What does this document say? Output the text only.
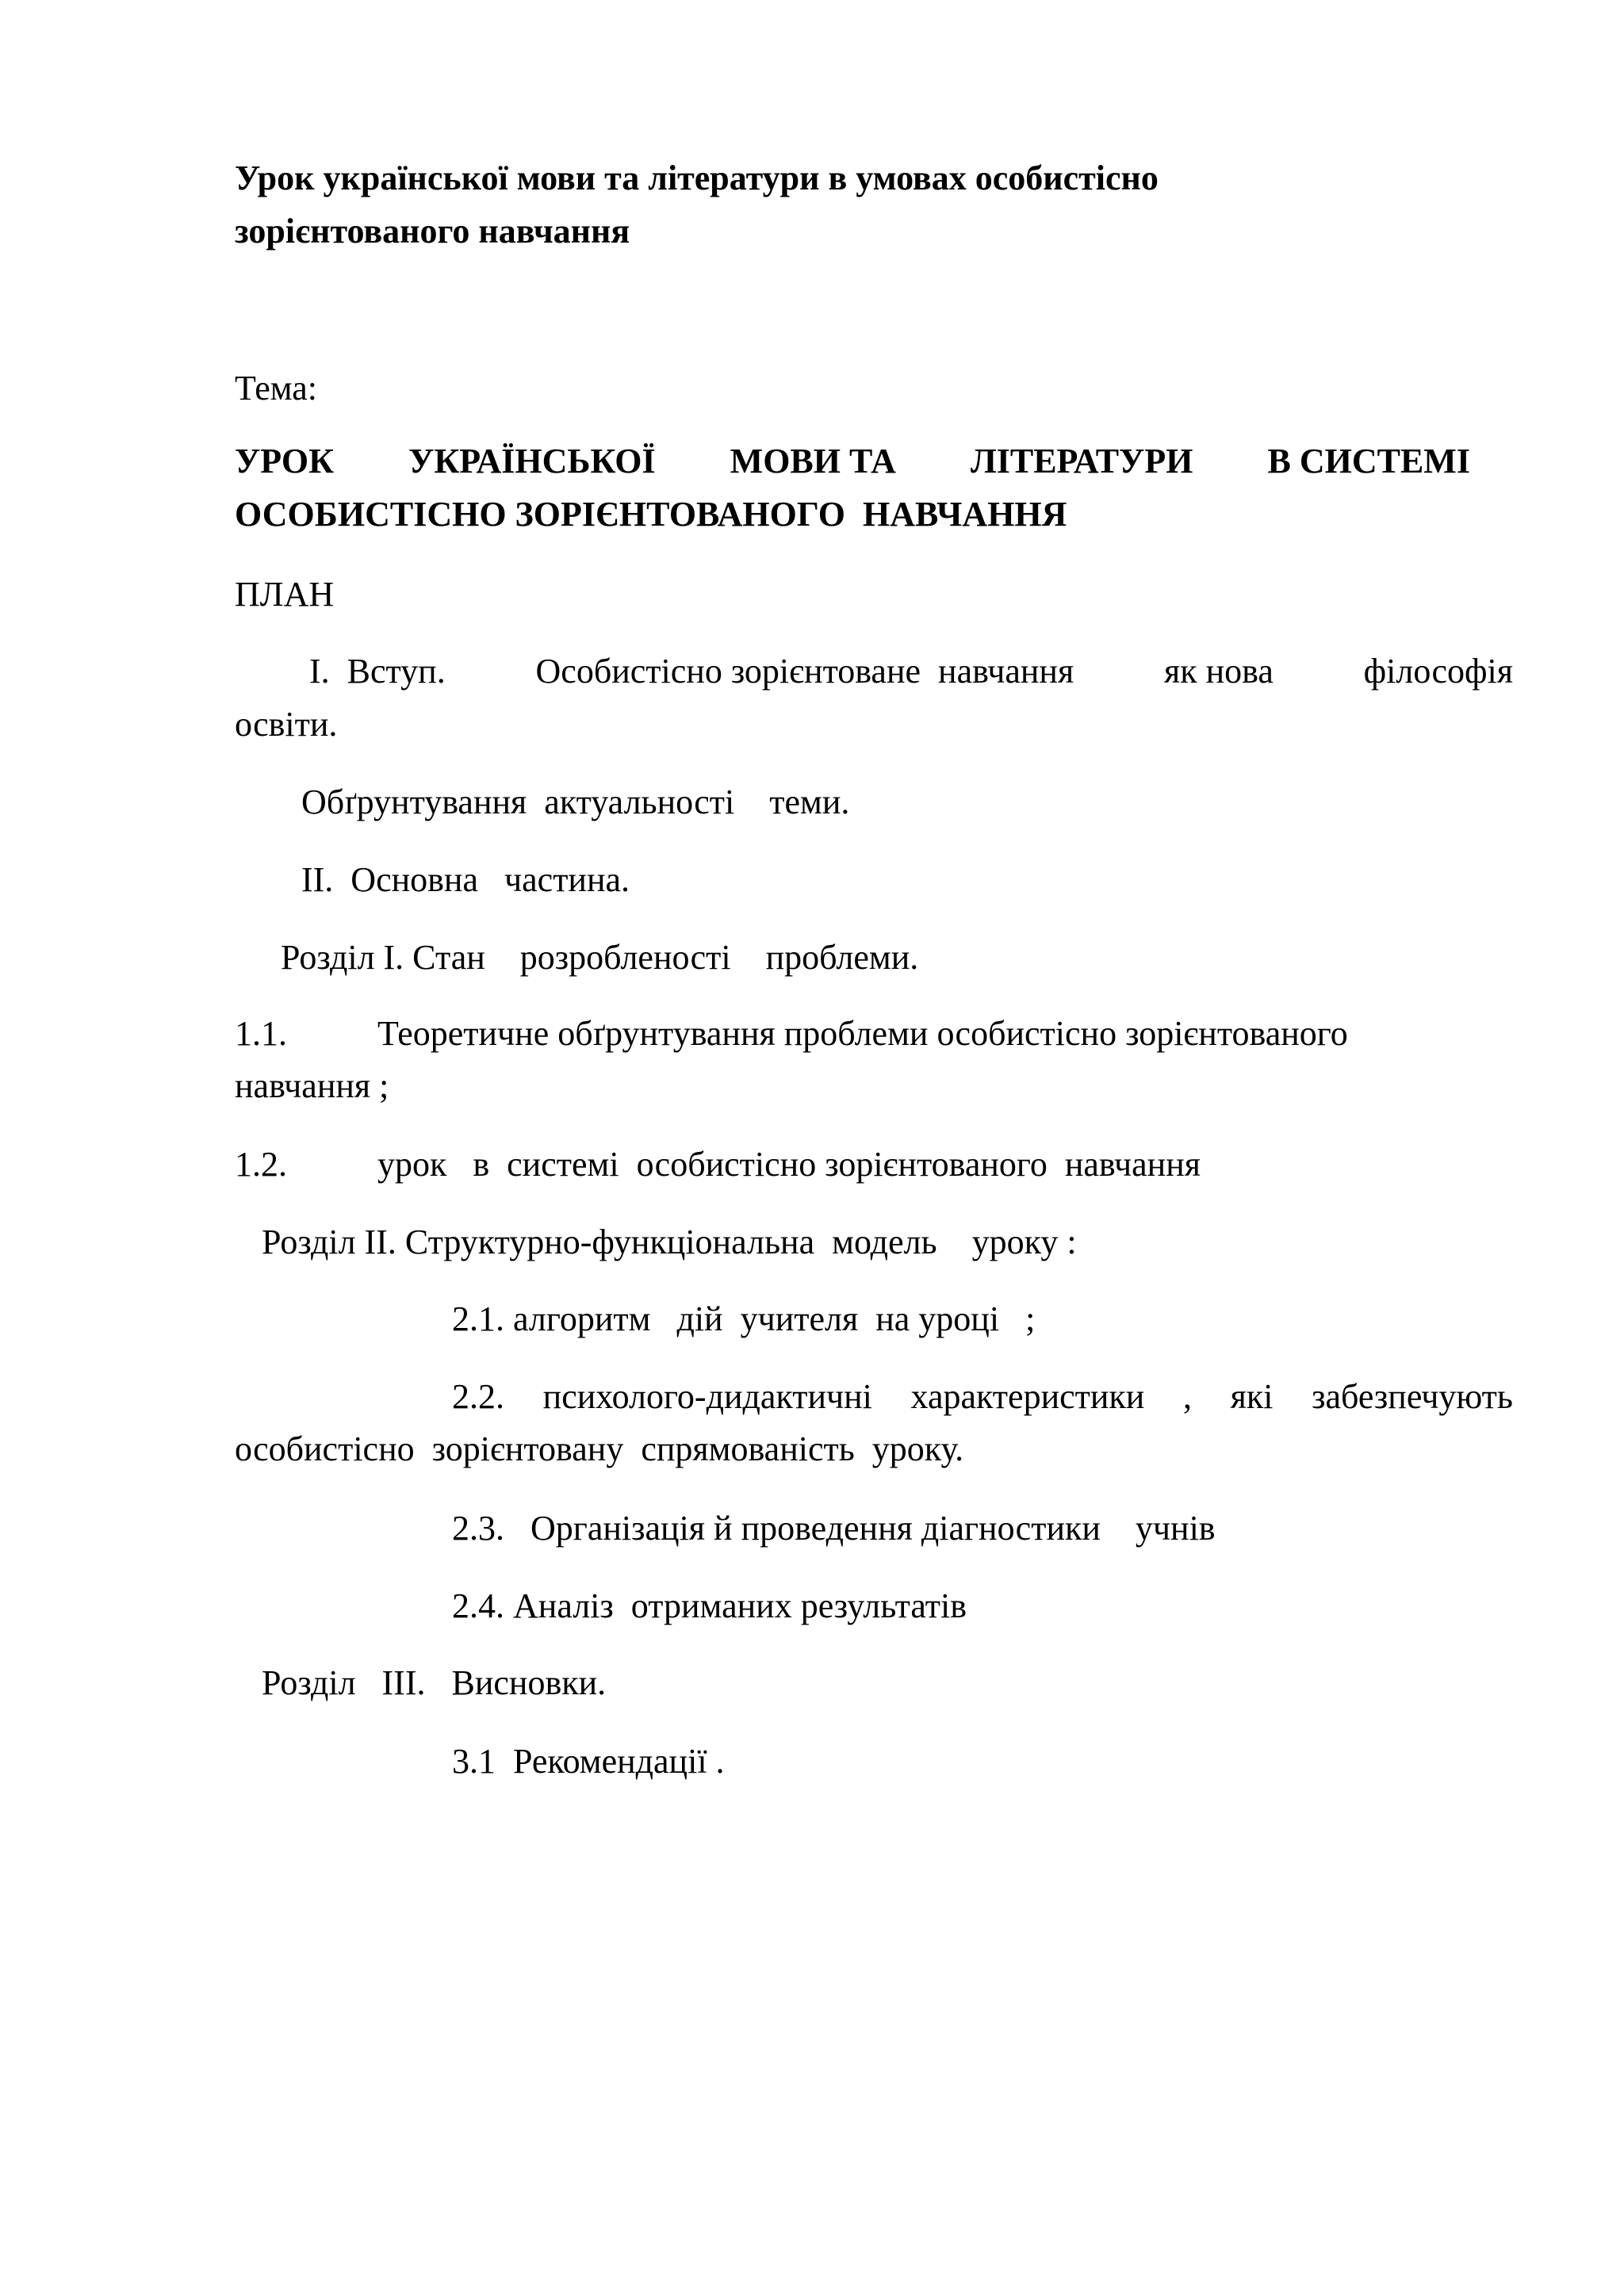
Урок української мови та літератури в умовах особистісно
зорієнтованого навчання
Тема:
УРОК УКРАЇНСЬКОЇ МОВИ ТА ЛІТЕРАТУРИ В СИСТЕМІ
ОСОБИСТІСНО ЗОРІЄНТОВАНОГО  НАВЧАННЯ
ПЛАН
I.  Вступ.	Особистісно зорієнтоване  навчання	як нова	філософія
освіти.
Обґрунтування  актуальності    теми.
II.  Основна   частина.
Розділ І. Стан    розробленості    проблеми.
1.1.	Теоретичне обґрунтування проблеми особистісно зорієнтованого
навчання ;
1.2.	урок   в  системі  особистісно зорієнтованого  навчання
Розділ II. Структурно-функціональна  модель    уроку :
2.1. алгоритм   дій  учителя  на уроці   ;
2.2. психолого-дидактичні характеристики , які забезпечують
особистісно  зорієнтовану  спрямованість  уроку.
2.3.   Організація й проведення діагностики    учнів
2.4. Аналіз  отриманих результатів
Розділ   III.   Висновки.
3.1  Рекомендації .
